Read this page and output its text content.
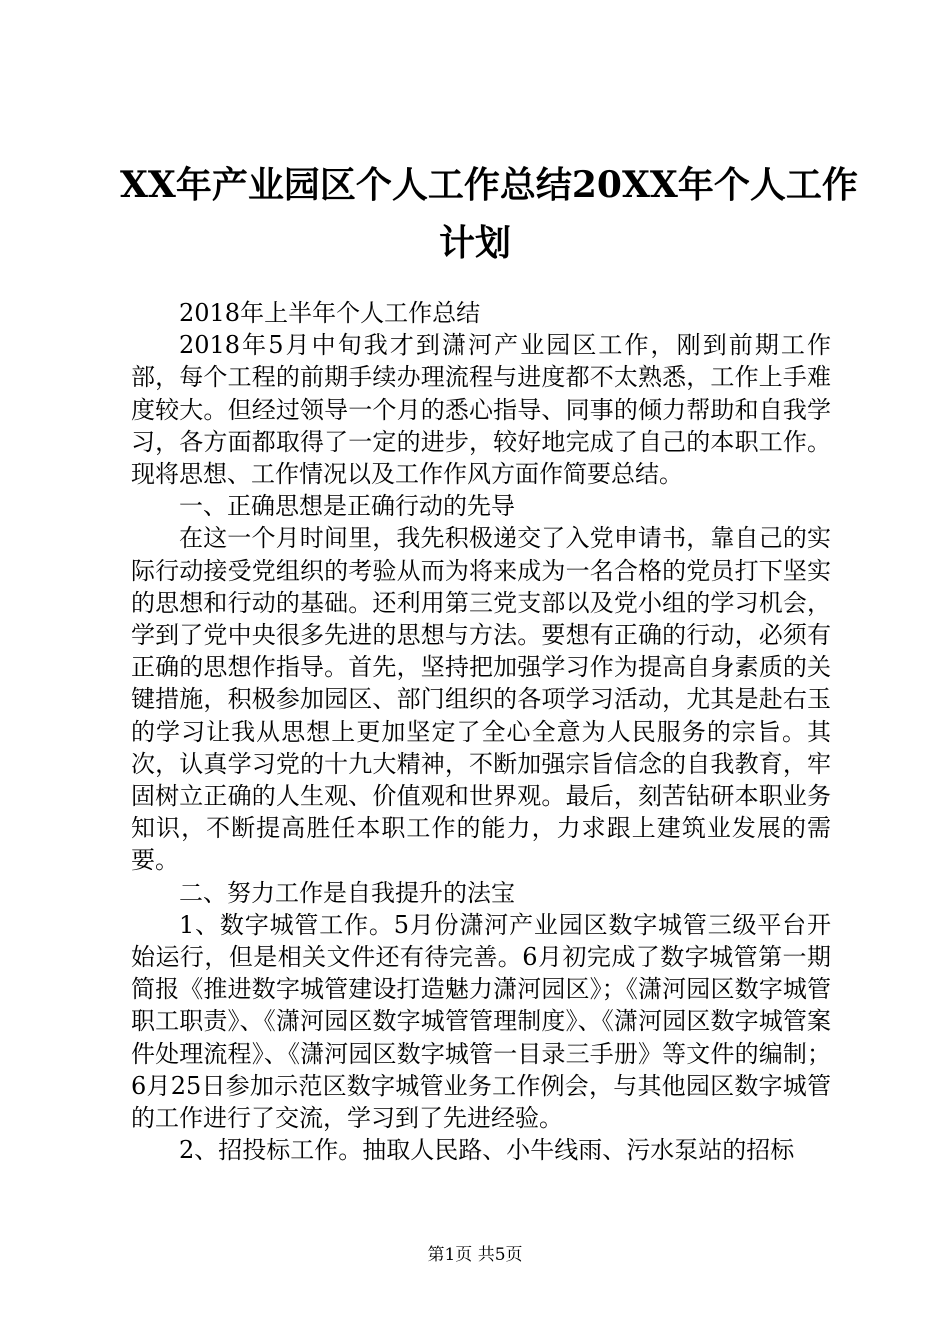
XX年产业园区个人工作总结20XX年个人工作
计划

2018年上半年个人工作总结

2018年5月中旬我才到潇河产业园区工作，刚到前期工作部，每个工程的前期手续办理流程与进度都不太熟悉，工作上手难度较大。但经过领导一个月的悉心指导、同事的倾力帮助和自我学习，各方面都取得了一定的进步，较好地完成了自己的本职工作。现将思想、工作情况以及工作作风方面作简要总结。

一、正确思想是正确行动的先导

在这一个月时间里，我先积极递交了入党申请书，靠自己的实际行动接受党组织的考验从而为将来成为一名合格的党员打下坚实的思想和行动的基础。还利用第三党支部以及党小组的学习机会，学到了党中央很多先进的思想与方法。要想有正确的行动，必须有正确的思想作指导。首先，坚持把加强学习作为提高自身素质的关键措施，积极参加园区、部门组织的各项学习活动，尤其是赴右玉的学习让我从思想上更加坚定了全心全意为人民服务的宗旨。其次，认真学习党的十九大精神，不断加强宗旨信念的自我教育，牢固树立正确的人生观、价值观和世界观。最后，刻苦钻研本职业务知识，不断提高胜任本职工作的能力，力求跟上建筑业发展的需要。

二、努力工作是自我提升的法宝

1、数字城管工作。5月份潇河产业园区数字城管三级平台开始运行，但是相关文件还有待完善。6月初完成了数字城管第一期简报《推进数字城管建设打造魅力潇河园区》；《潇河园区数字城管职工职责》、《潇河园区数字城管管理制度》、《潇河园区数字城管案件处理流程》、《潇河园区数字城管一目录三手册》等文件的编制；6月25日参加示范区数字城管业务工作例会，与其他园区数字城管的工作进行了交流，学习到了先进经验。

2、招投标工作。抽取人民路、小牛线雨、污水泵站的招标

第1页 共5页
